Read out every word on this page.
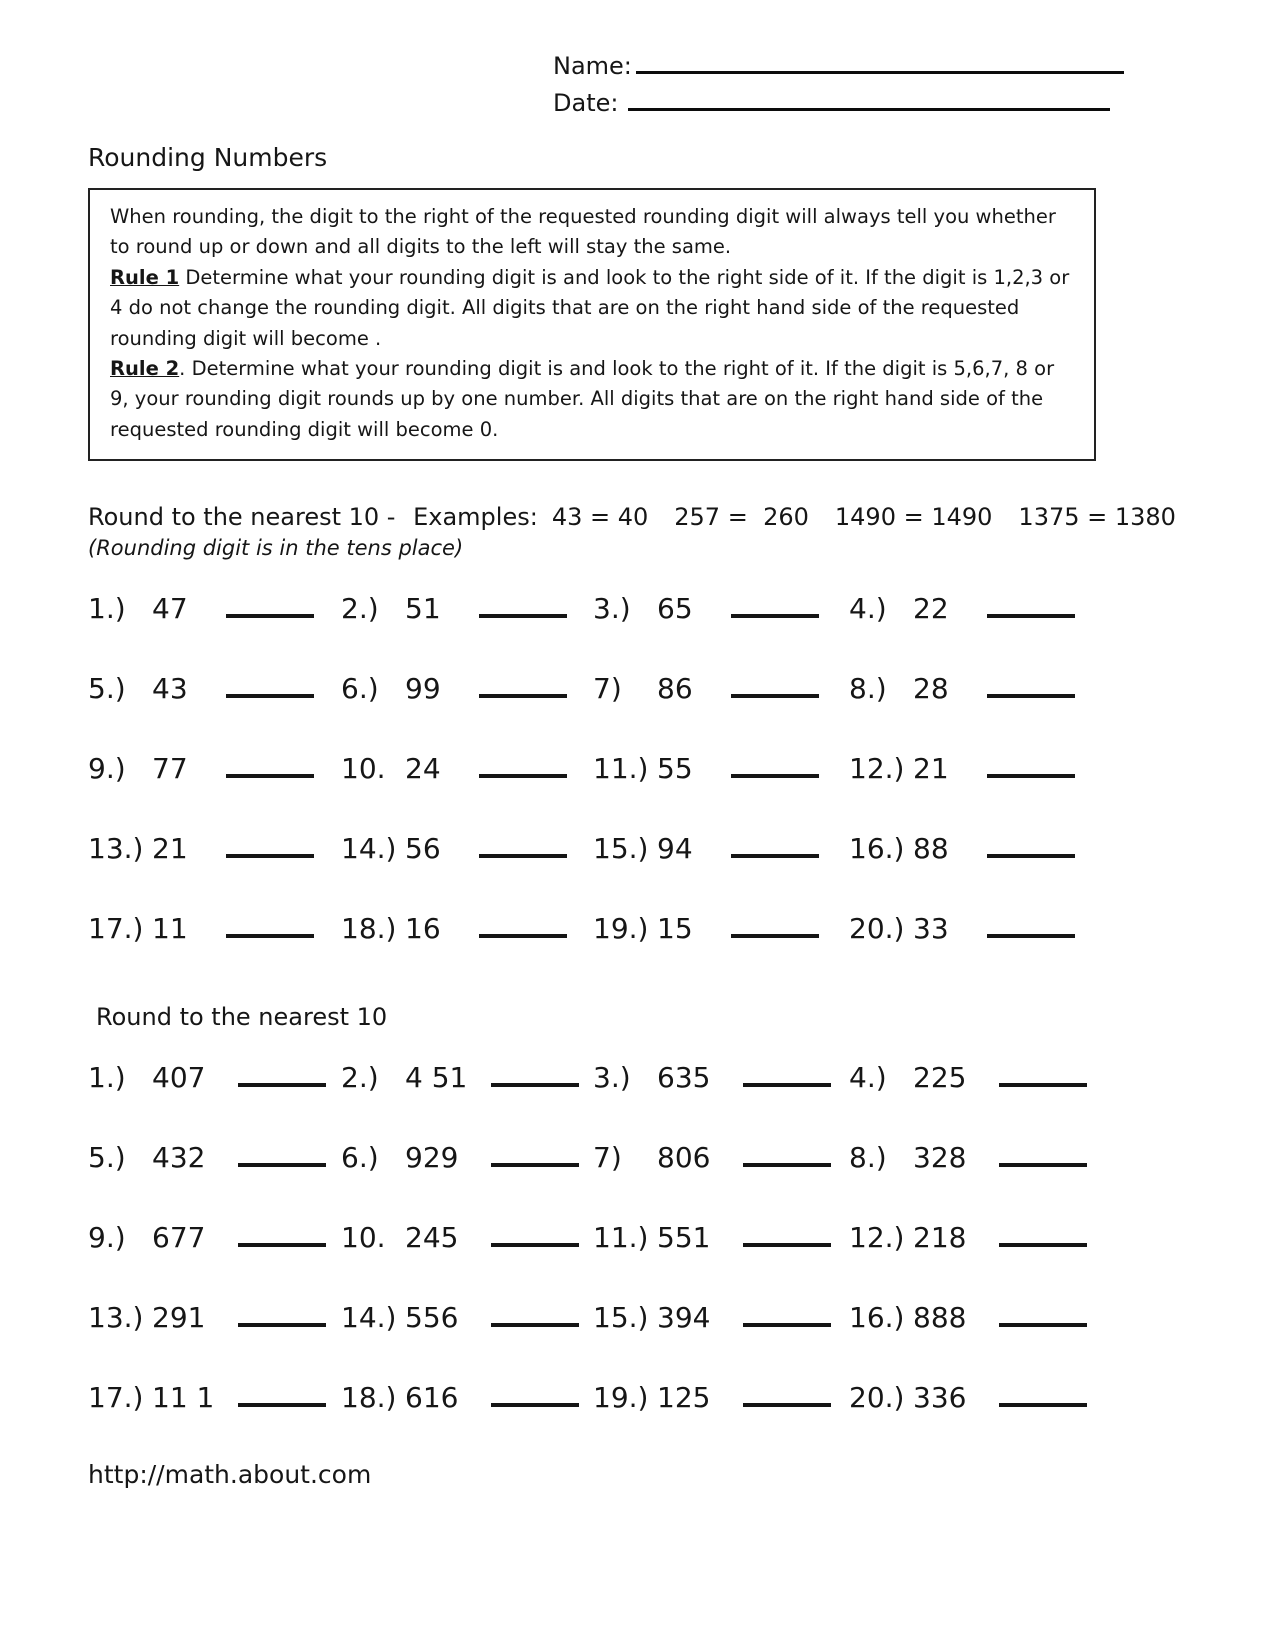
Name:
Date:
Rounding Numbers

When rounding, the digit to the right of the requested rounding digit will always tell you whether to round up or down and all digits to the left will stay the same.

Rule 1 Determine what your rounding digit is and look to the right side of it. If the digit is 1,2,3 or 4 do not change the rounding digit. All digits that are on the right hand side of the requested rounding digit will become .

Rule 2. Determine what your rounding digit is and look to the right of it. If the digit is 5,6,7, 8 or 9, your rounding digit rounds up by one number. All digits that are on the right hand side of the requested rounding digit will become 0.

Round to the nearest 10 - Examples: 43 = 40 257 =  260 1490 = 1490 1375 = 1380
(Rounding digit is in the tens place)
1.) 47	2.) 51	3.) 65	4.) 22
5.) 43	6.) 99	7)	86	8.) 28
9.) 77	10. 24	11.) 55	12.) 21
13.) 21	14.) 56	15.) 94	16.) 88
17.) 11	18.) 16	19.) 15	20.) 33
Round to the nearest 10
1.) 407	2.) 4 51	3.) 635	4.) 225
5.) 432	6.) 929	7)	806	8.) 328
9.) 677	10. 245	11.) 551	12.) 218
13.) 291	14.) 556	15.) 394	16.) 888
17.) 11 1	18.) 616	19.) 125	20.) 336
http://math.about.com
